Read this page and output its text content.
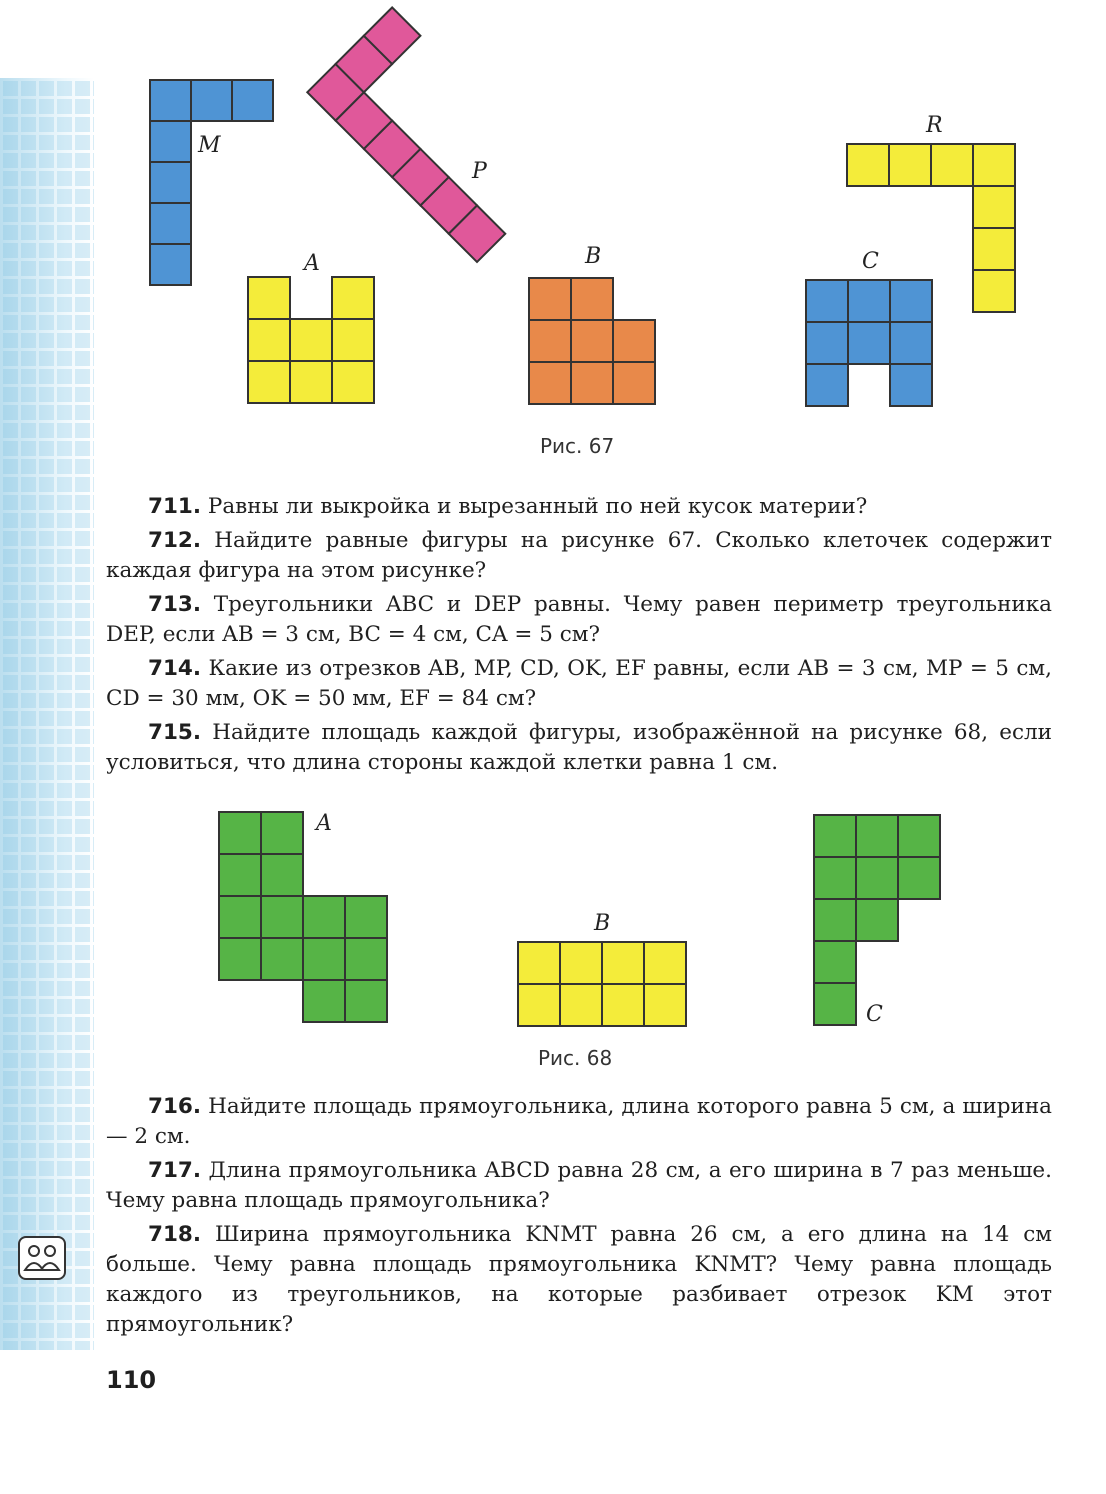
M
P
R
A	B	C
A
B
C
Рис. 67

711. Равны ли выкройка и вырезанный по ней кусок материи?

712. Найдите равные фигуры на рисунке 67. Сколько клеточек содержит каждая фигура на этом рисунке?

713. Треугольники ABC и DEP равны. Чему равен периметр треугольника DEP, если AB = 3 см, BC = 4 см, CA = 5 см?

714. Какие из отрезков AB, MP, CD, OK, EF равны, если AB = 3 см, MP = 5 см, CD = 30 мм, OK = 50 мм, EF = 84 см?

715. Найдите площадь каждой фигуры, изображённой на рисунке 68, если условиться, что длина стороны каждой клетки равна 1 см.

Рис. 68

716. Найдите площадь прямоугольника, длина которого равна 5 см, а ширина — 2 см.

717. Длина прямоугольника ABCD равна 28 см, а его ширина в 7 раз меньше. Чему равна площадь прямоугольника?

718. Ширина прямоугольника KNMT равна 26 см, а его длина на 14 см больше. Чему равна площадь прямоугольника KNMT? Чему равна площадь каждого из треугольников, на которые разбивает отрезок KM этот прямоугольник?

110
